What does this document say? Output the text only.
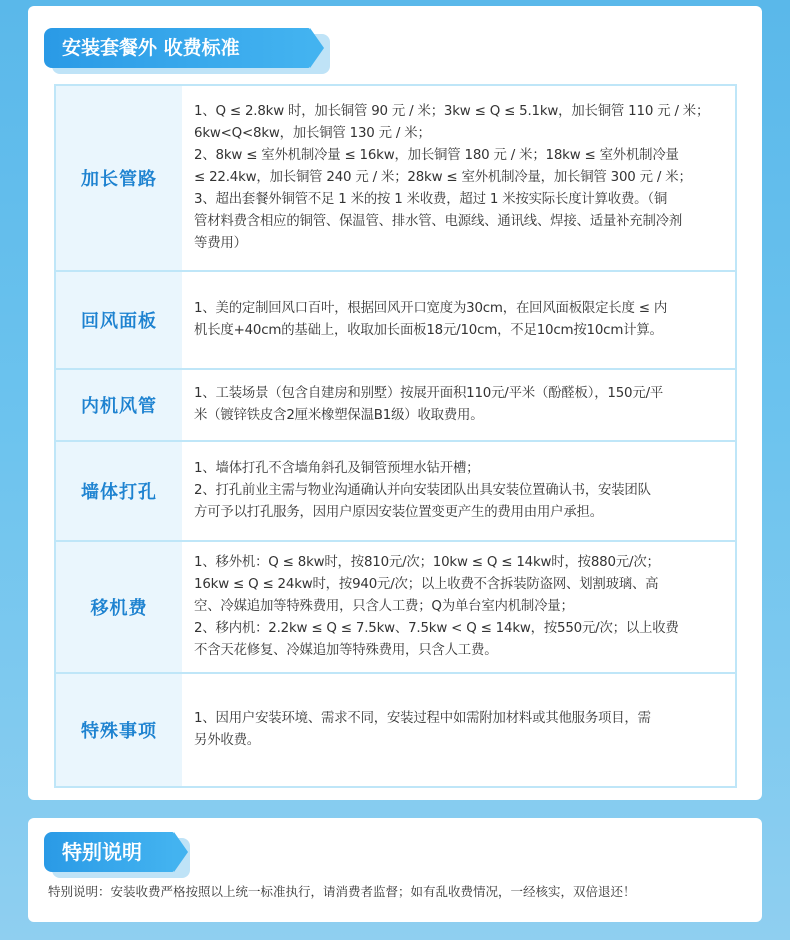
安装套餐外 收费标准
加长管路
1、Q ≤ 2.8kw 时，加长铜管 90 元 / 米；3kw ≤ Q ≤ 5.1kw，加长铜管 110 元 / 米；
6kw<Q<8kw，加长铜管 130 元 / 米；
2、8kw ≤ 室外机制冷量 ≤ 16kw，加长铜管 180 元 / 米；18kw ≤ 室外机制冷量
≤ 22.4kw，加长铜管 240 元 / 米；28kw ≤ 室外机制冷量，加长铜管 300 元 / 米；
3、超出套餐外铜管不足 1 米的按 1 米收费，超过 1 米按实际长度计算收费。（铜
管材料费含相应的铜管、保温管、排水管、电源线、通讯线、焊接、适量补充制冷剂
等费用）
回风面板
1、美的定制回风口百叶，根据回风开口宽度为30cm，在回风面板限定长度 ≤ 内
机长度+40cm的基础上，收取加长面板18元/10cm，不足10cm按10cm计算。
内机风管
1、工装场景（包含自建房和别墅）按展开面积110元/平米（酚醛板），150元/平
米（镀锌铁皮含2厘米橡塑保温B1级）收取费用。
墙体打孔
1、墙体打孔不含墙角斜孔及铜管预埋水钻开槽；
2、打孔前业主需与物业沟通确认并向安装团队出具安装位置确认书，安装团队
方可予以打孔服务，因用户原因安装位置变更产生的费用由用户承担。
移机费
1、移外机：Q ≤ 8kw时，按810元/次；10kw ≤ Q ≤ 14kw时，按880元/次；
16kw ≤ Q ≤ 24kw时，按940元/次；以上收费不含拆装防盗网、划割玻璃、高
空、冷媒追加等特殊费用，只含人工费；Q为单台室内机制冷量；
2、移内机：2.2kw ≤ Q ≤ 7.5kw、7.5kw < Q ≤ 14kw，按550元/次；以上收费
不含天花修复、冷媒追加等特殊费用，只含人工费。
特殊事项
1、因用户安装环境、需求不同，安装过程中如需附加材料或其他服务项目，需
另外收费。
特别说明
特别说明：安装收费严格按照以上统一标准执行，请消费者监督；如有乱收费情况，一经核实，双倍退还！
